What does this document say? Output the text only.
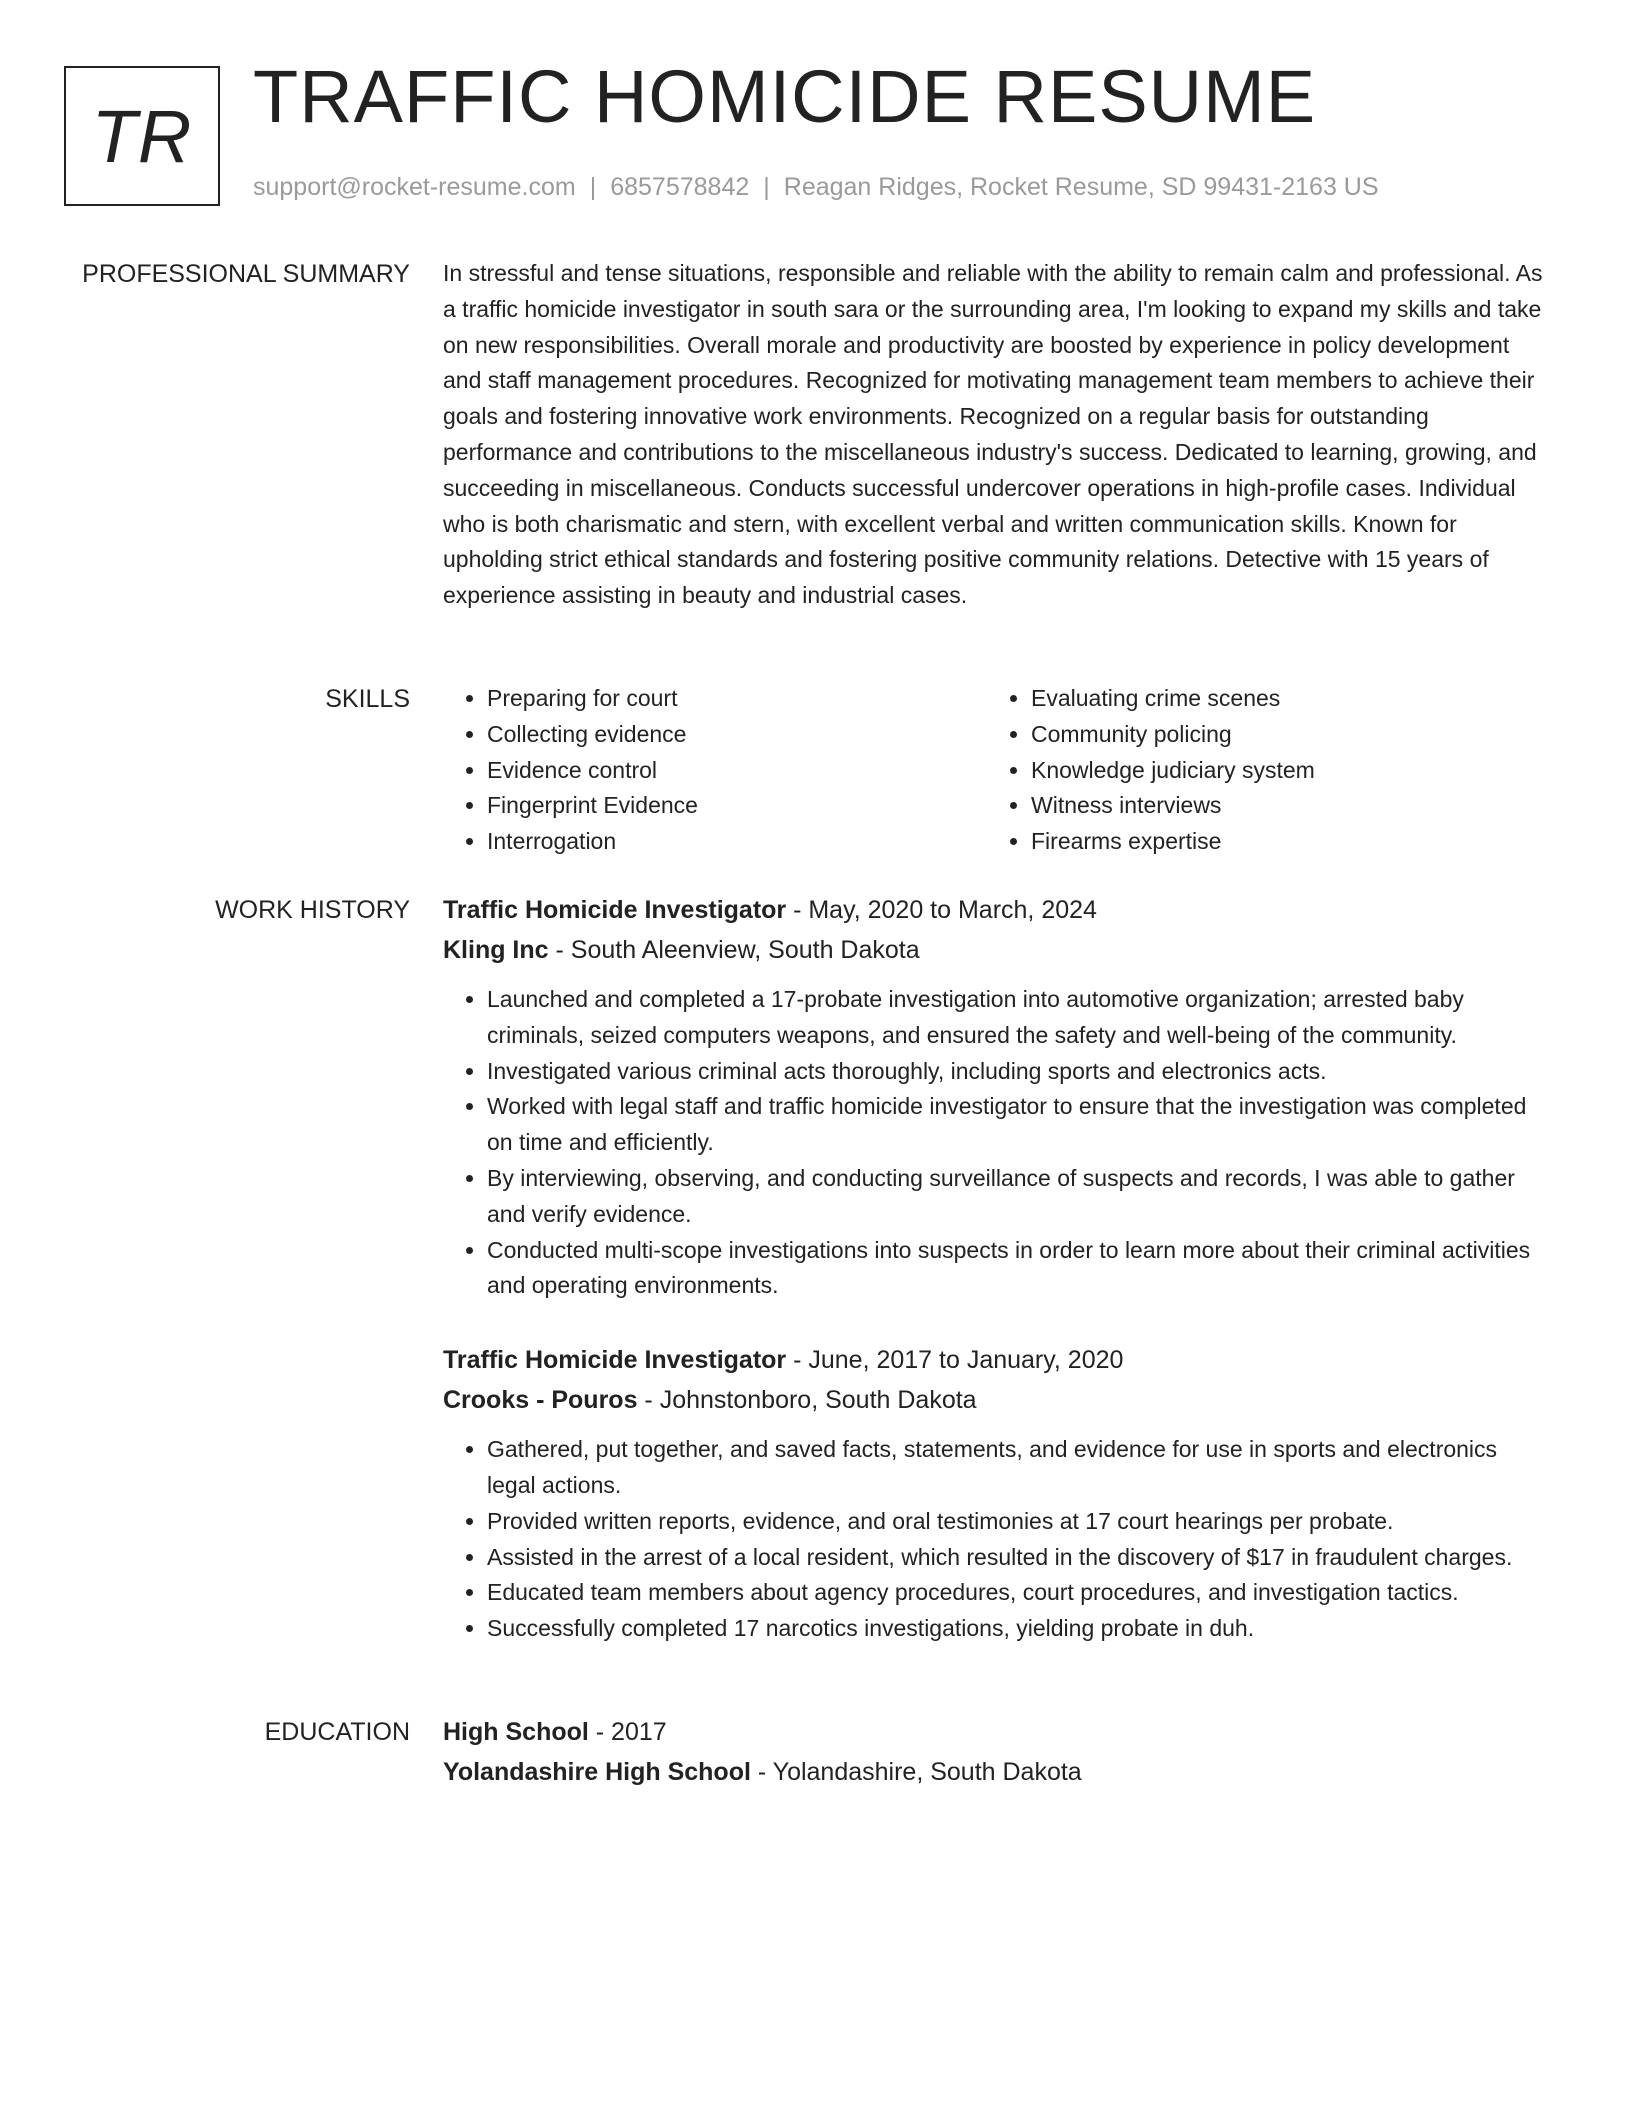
TR TRAFFIC HOMICIDE RESUME
support@rocket-resume.com | 6857578842 | Reagan Ridges, Rocket Resume, SD 99431-2163 US
PROFESSIONAL SUMMARY In stressful and tense situations, responsible and reliable with the ability to remain calm and professional. As a traffic homicide investigator in south sara or the surrounding area, I'm looking to expand my skills and take on new responsibilities. Overall morale and productivity are boosted by experience in policy development and staff management procedures. Recognized for motivating management team members to achieve their goals and fostering innovative work environments. Recognized on a regular basis for outstanding performance and contributions to the miscellaneous industry's success. Dedicated to learning, growing, and succeeding in miscellaneous. Conducts successful undercover operations in high-profile cases. Individual who is both charismatic and stern, with excellent verbal and written communication skills. Known for upholding strict ethical standards and fostering positive community relations. Detective with 15 years of experience assisting in beauty and industrial cases.

SKILLS
•	Preparing for court
• Collecting evidence
• Evidence control
• Fingerprint Evidence
• Interrogation
• Evaluating crime scenes
• Community policing
• Knowledge judiciary system
• Witness interviews
• Firearms expertise
WORK HISTORY Traffic Homicide Investigator - May, 2020 to March, 2024
Kling Inc - South Aleenview, South Dakota
• Launched and completed a 17-probate investigation into automotive organization; arrested baby criminals, seized computers weapons, and ensured the safety and well-being of the community.
• Investigated various criminal acts thoroughly, including sports and electronics acts.
• Worked with legal staff and traffic homicide investigator to ensure that the investigation was completed on time and efficiently.
• By interviewing, observing, and conducting surveillance of suspects and records, I was able to gather and verify evidence.
• Conducted multi-scope investigations into suspects in order to learn more about their criminal activities and operating environments.
Traffic Homicide Investigator - June, 2017 to January, 2020
Crooks - Pouros - Johnstonboro, South Dakota
• Gathered, put together, and saved facts, statements, and evidence for use in sports and electronics legal actions.
• Provided written reports, evidence, and oral testimonies at 17 court hearings per probate.
• Assisted in the arrest of a local resident, which resulted in the discovery of $17 in fraudulent charges.
• Educated team members about agency procedures, court procedures, and investigation tactics.
• Successfully completed 17 narcotics investigations, yielding probate in duh.
EDUCATION High School - 2017
Yolandashire High School - Yolandashire, South Dakota
